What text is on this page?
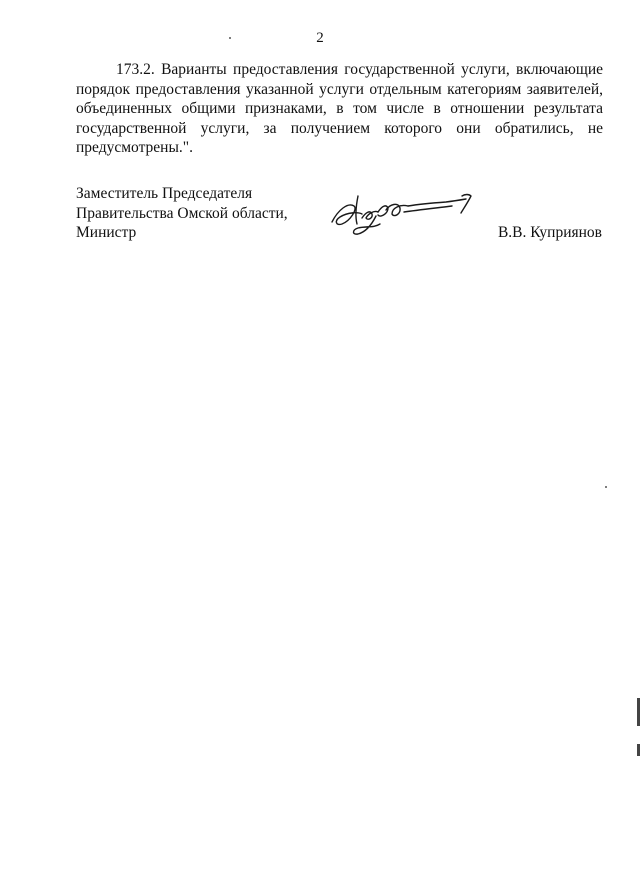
2
173.2. Варианты предоставления государственной услуги, включающие
порядок предоставления указанной услуги отдельным категориям заявителей,
объединенных общими признаками, в том числе в отношении результата
государственной услуги, за получением которого они обратились, не
предусмотрены.".
Заместитель Председателя
Правительства Омской области,
Министр	В.В. Куприянов
